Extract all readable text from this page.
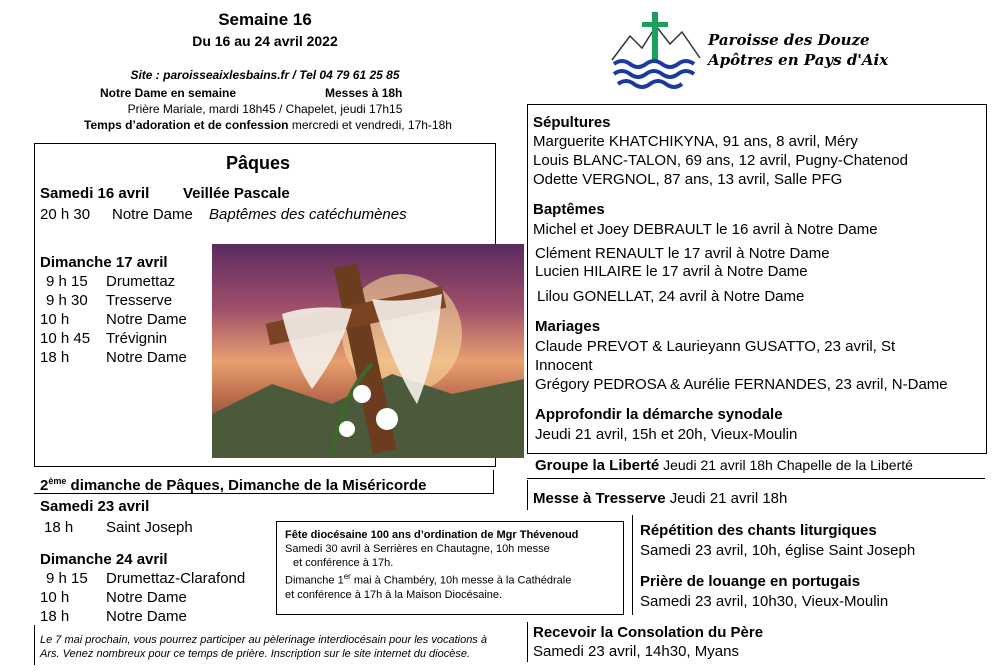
Semaine 16
Du 16 au 24 avril 2022
Site : paroisseaixlesbains.fr / Tel 04 79 61 25 85
Notre Dame en semaine	Messes à 18h
Prière Mariale, mardi 18h45 / Chapelet, jeudi 17h15
Temps d’adoration et de confession mercredi et vendredi, 17h-18h
Paroisse des Douze
Apôtres en Pays d'Aix
Pâques
Samedi 16 avril Veillée Pascale
20 h 30 Notre Dame Baptêmes des catéchumènes
Dimanche 17 avril
9 h 15 Drumettaz
9 h 30 Tresserve
10 h Notre Dame
10 h 45 Trévignin
18 h Notre Dame
2ème dimanche de Pâques, Dimanche de la Miséricorde
Samedi 23 avril
18 h Saint Joseph
Dimanche 24 avril
9 h 15 Drumettaz-Clarafond
10 h Notre Dame
18 h Notre Dame
Fête diocésaine 100 ans d’ordination de Mgr Thévenoud
Samedi 30 avril à Serrières en Chautagne, 10h messe
et conférence à 17h.
Dimanche 1er mai à Chambéry, 10h messe à la Cathédrale
et conférence à 17h à la Maison Diocésaine.
Le 7 mai prochain, vous pourrez participer au pèlerinage interdiocésain pour les vocations à Ars. Venez nombreux pour ce temps de prière. Inscription sur le site internet du diocèse.
Sépultures
Marguerite KHATCHIKYNA, 91 ans, 8 avril, Méry
Louis BLANC-TALON, 69 ans, 12 avril, Pugny-Chatenod
Odette VERGNOL, 87 ans, 13 avril, Salle PFG
Baptêmes
Michel et Joey DEBRAULT le 16 avril à Notre Dame
Clément RENAULT le 17 avril à Notre Dame
Lucien HILAIRE le 17 avril à Notre Dame
Lilou GONELLAT, 24 avril à Notre Dame
Mariages
Claude PREVOT & Laurieyann GUSATTO, 23 avril, St
Innocent
Grégory PEDROSA & Aurélie FERNANDES, 23 avril, N-Dame
Approfondir la démarche synodale
Jeudi 21 avril, 15h et 20h, Vieux-Moulin
Groupe la Liberté Jeudi 21 avril 18h Chapelle de la Liberté
Messe à Tresserve Jeudi 21 avril 18h
Répétition des chants liturgiques
Samedi 23 avril, 10h, église Saint Joseph
Prière de louange en portugais
Samedi 23 avril, 10h30, Vieux-Moulin
Recevoir la Consolation du Père
Samedi 23 avril, 14h30, Myans
